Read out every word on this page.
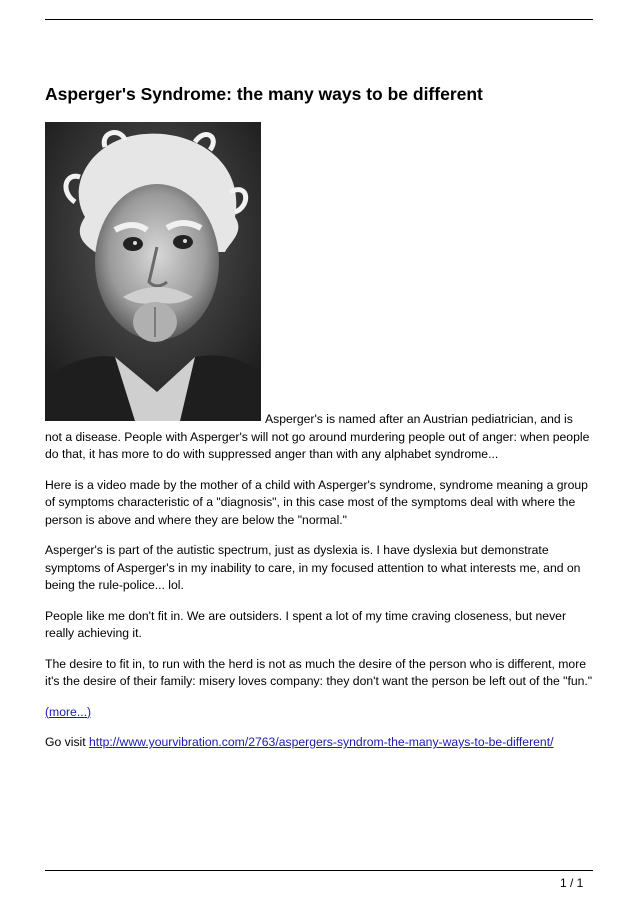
Asperger's Syndrome: the many ways to be different

Asperger's is named after an Austrian pediatrician, and is not a disease. People with Asperger's will not go around murdering people out of anger: when people do that, it has more to do with suppressed anger than with any alphabet syndrome...

Here is a video made by the mother of a child with Asperger's syndrome, syndrome meaning a group of symptoms characteristic of a "diagnosis", in this case most of the symptoms deal with where the person is above and where they are below the "normal."

Asperger's is part of the autistic spectrum, just as dyslexia is. I have dyslexia but demonstrate symptoms of Asperger's in my inability to care, in my focused attention to what interests me, and on being the rule-police... lol.

People like me don't fit in. We are outsiders. I spent a lot of my time craving closeness, but never really achieving it.

The desire to fit in, to run with the herd is not as much the desire of the person who is different, more it's the desire of their family: misery loves company: they don't want the person be left out of the "fun."

(more...)

Go visit http://www.yourvibration.com/2763/aspergers-syndrom-the-many-ways-to-be-different/

1 / 1
